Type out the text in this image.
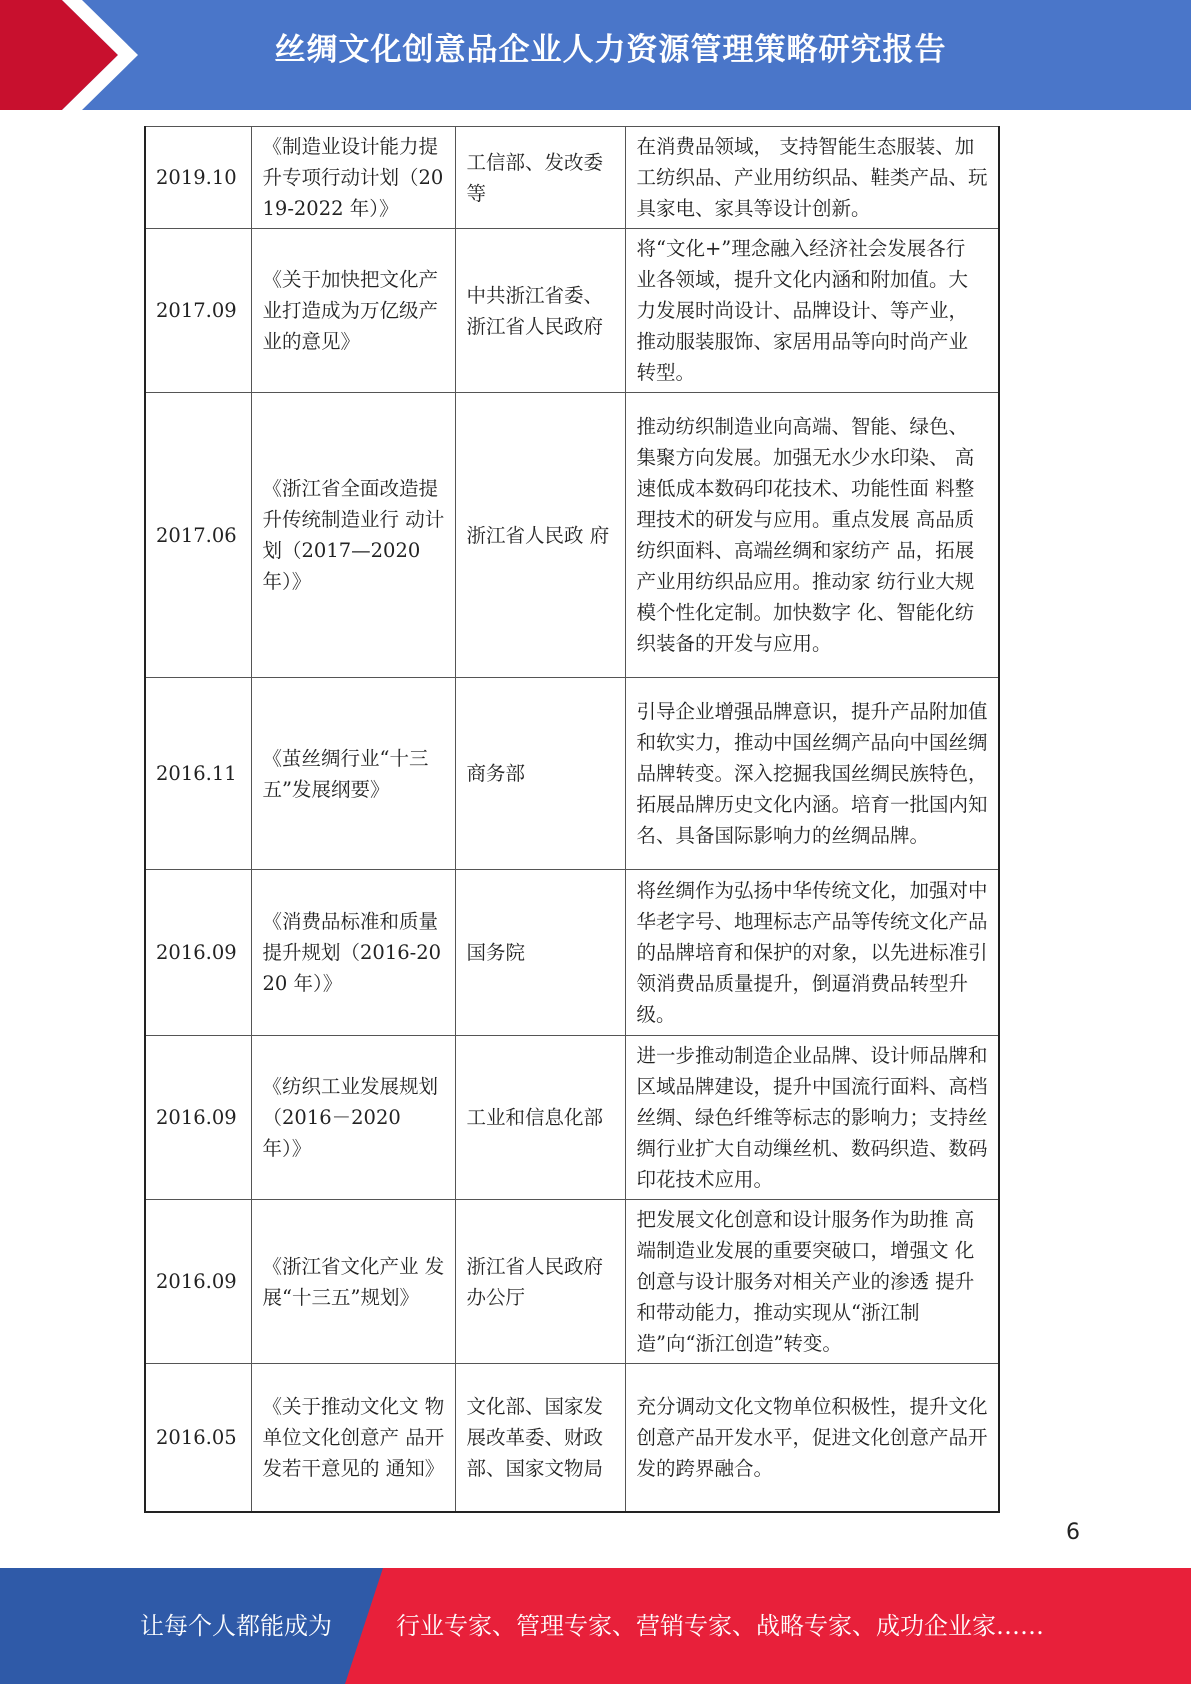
丝绸文化创意品企业人力资源管理策略研究报告
2019.10	《制造业设计能力提升专项行动计划（2019-2022 年）》	工信部、发改委等	在消费品领域， 支持智能生态服装、加工纺织品、产业用纺织品、鞋类产品、玩具家电、家具等设计创新。
2017.09	《关于加快把文化产业打造成为万亿级产业的意见》	中共浙江省委、浙江省人民政府	将“文化+”理念融入经济社会发展各行 业各领域，提升文化内涵和附加值。大 力发展时尚设计、品牌设计、等产业， 推动服装服饰、家居用品等向时尚产业 转型。
2017.06	《浙江省全面改造提升传统制造业行 动计划（2017—2020 年）》	浙江省人民政 府	推动纺织制造业向高端、智能、绿色、 集聚方向发展。加强无水少水印染、 高速低成本数码印花技术、功能性面 料整理技术的研发与应用。重点发展 高品质纺织面料、高端丝绸和家纺产 品，拓展产业用纺织品应用。推动家 纺行业大规模个性化定制。加快数字 化、智能化纺织装备的开发与应用。
2016.11	《茧丝绸行业“十三五”发展纲要》	商务部	引导企业增强品牌意识，提升产品附加值和软实力，推动中国丝绸产品向中国丝绸品牌转变。深入挖掘我国丝绸民族特色，拓展品牌历史文化内涵。培育一批国内知名、具备国际影响力的丝绸品牌。
2016.09	《消费品标准和质量提升规划（2016-2020 年）》	国务院	将丝绸作为弘扬中华传统文化，加强对中华老字号、地理标志产品等传统文化产品的品牌培育和保护的对象，以先进标准引领消费品质量提升，倒逼消费品转型升级。
2016.09	《纺织工业发展规划（2016－2020 年）》	工业和信息化部	进一步推动制造企业品牌、设计师品牌和区域品牌建设，提升中国流行面料、高档丝绸、绿色纤维等标志的影响力；支持丝绸行业扩大自动缫丝机、数码织造、数码印花技术应用。
2016.09	《浙江省文化产业 发展“十三五”规划》	浙江省人民政府 办公厅	把发展文化创意和设计服务作为助推 高端制造业发展的重要突破口，增强文 化创意与设计服务对相关产业的渗透 提升和带动能力，推动实现从“浙江制 造”向“浙江创造”转变。
2016.05	《关于推动文化文 物单位文化创意产 品开发若干意见的 通知》	文化部、国家发 展改革委、财政 部、国家文物局	充分调动文化文物单位积极性，提升文化创意产品开发水平，促进文化创意产品开发的跨界融合。
6
让每个人都能成为	行业专家、管理专家、营销专家、战略专家、成功企业家……
